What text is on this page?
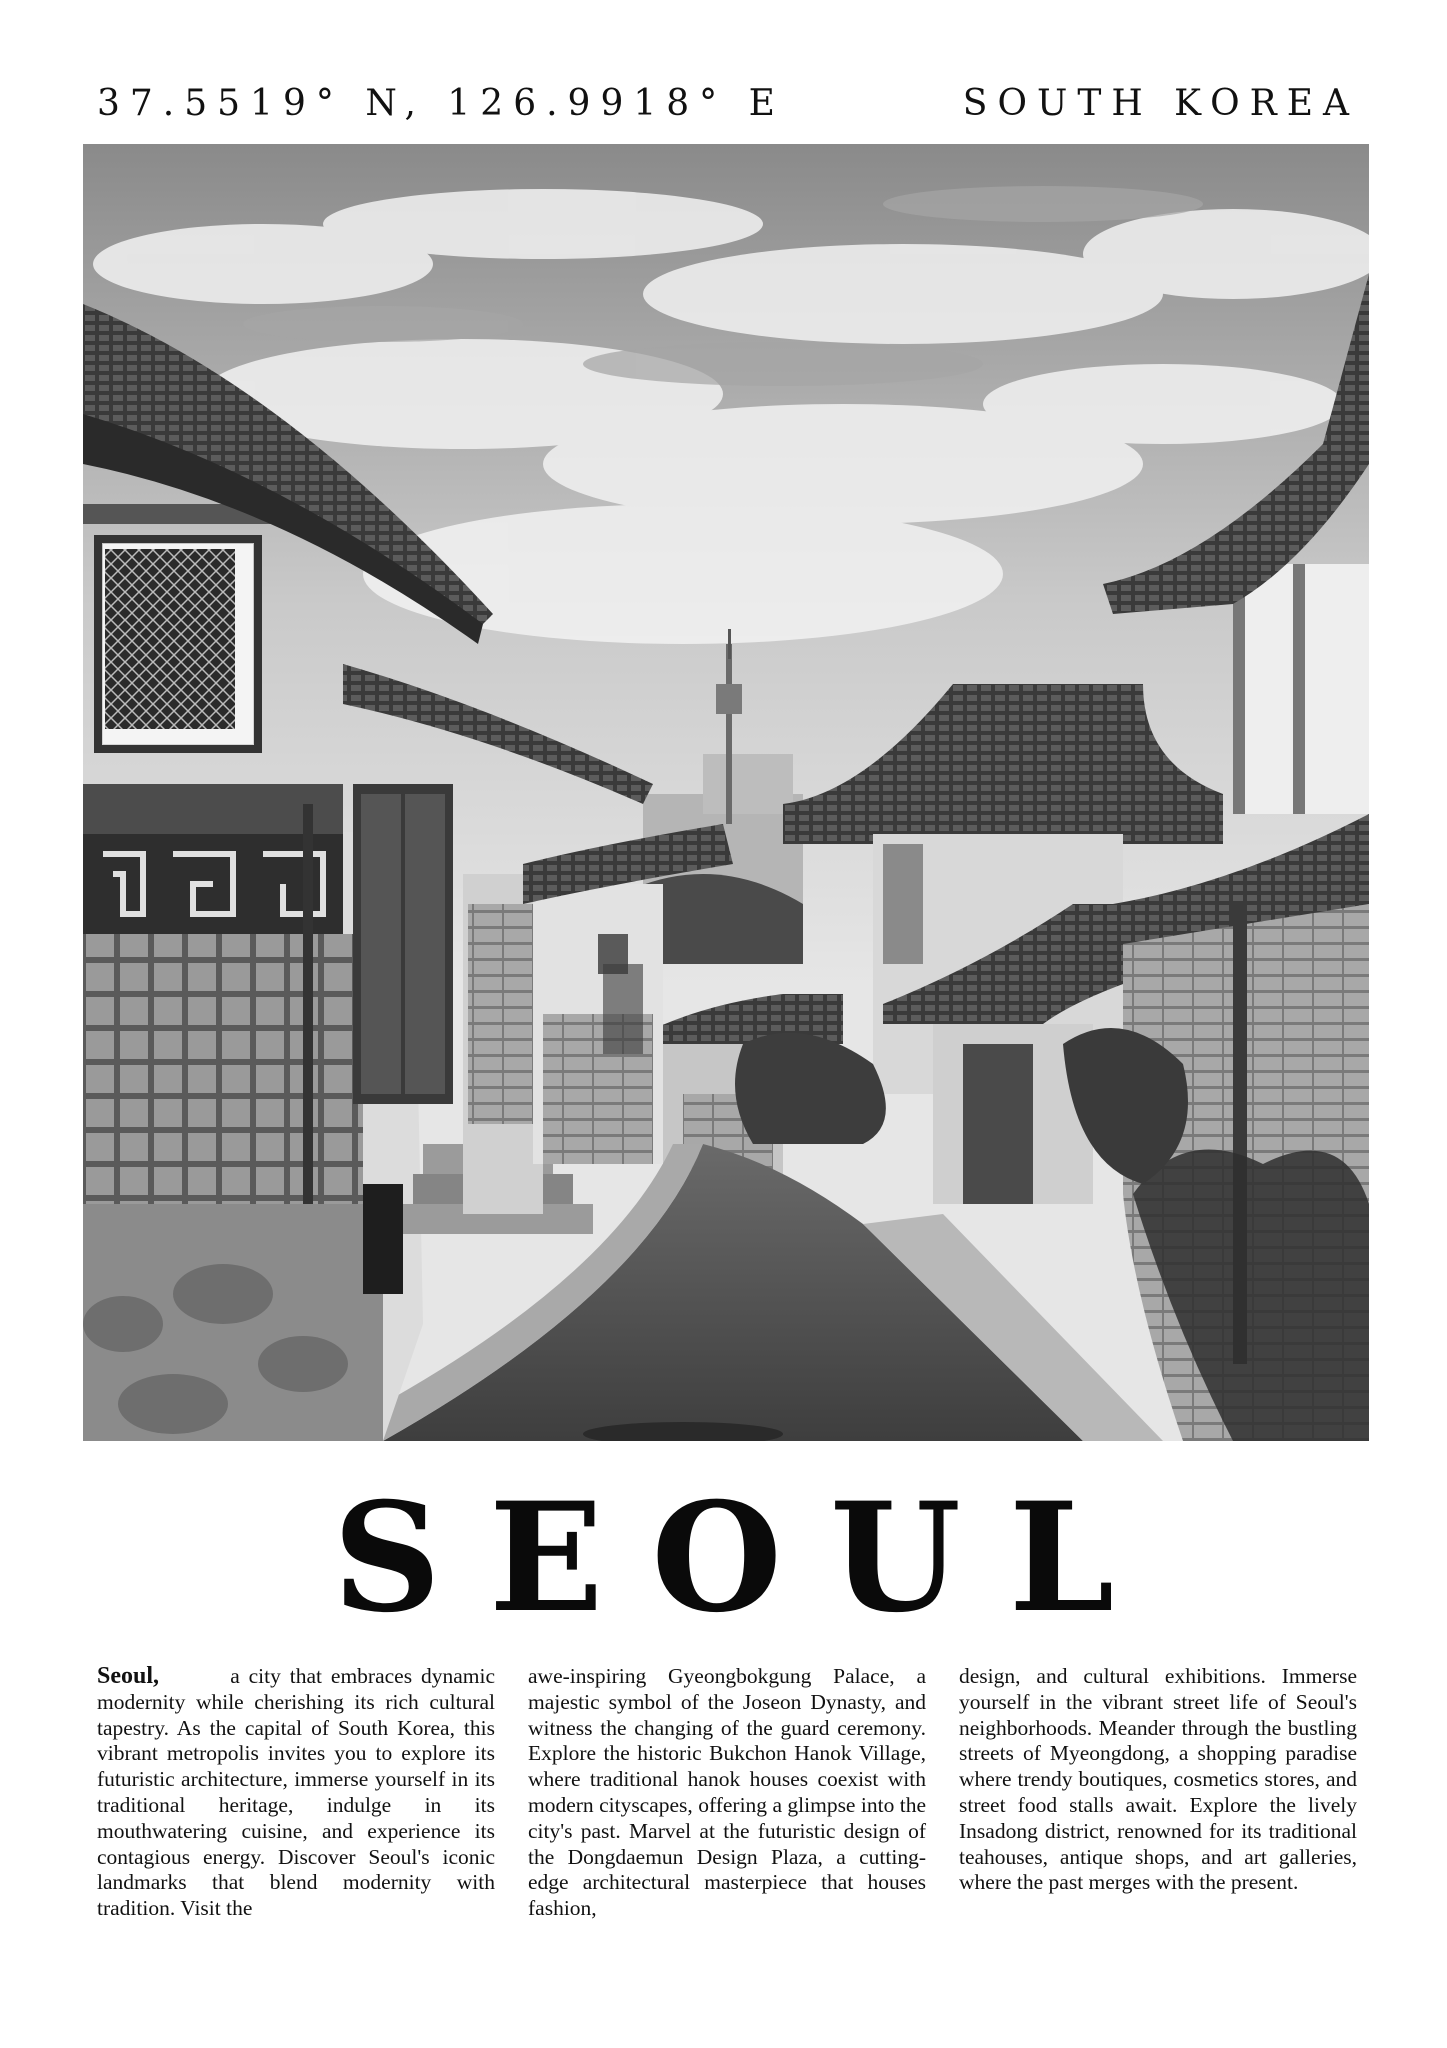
37.5519° N, 126.9918° E	SOUTH KOREA
SEOUL
Seoul,	a city that embraces dynamic modernity while cherishing its rich cultural tapestry. As the capital of South Korea, this vibrant metropolis invites you to explore its futuristic architecture, immerse yourself in its traditional heritage, indulge in its mouthwatering cuisine, and experience its contagious energy. Discover Seoul's iconic landmarks that blend modernity with tradition. Visit the
awe-inspiring Gyeongbokgung Palace, a majestic symbol of the Joseon Dynasty, and witness the changing of the guard ceremony. Explore the historic Bukchon Hanok Village, where traditional hanok houses coexist with modern cityscapes, offering a glimpse into the city's past. Marvel at the futuristic design of the Dongdaemun Design Plaza, a cutting-edge architectural masterpiece that houses fashion,
design, and cultural exhibitions. Immerse yourself in the vibrant street life of Seoul's neighborhoods. Meander through the bustling streets of Myeongdong, a shopping paradise where trendy boutiques, cosmetics stores, and street food stalls await. Explore the lively Insadong district, renowned for its traditional teahouses, antique shops, and art galleries, where the past merges with the present.
